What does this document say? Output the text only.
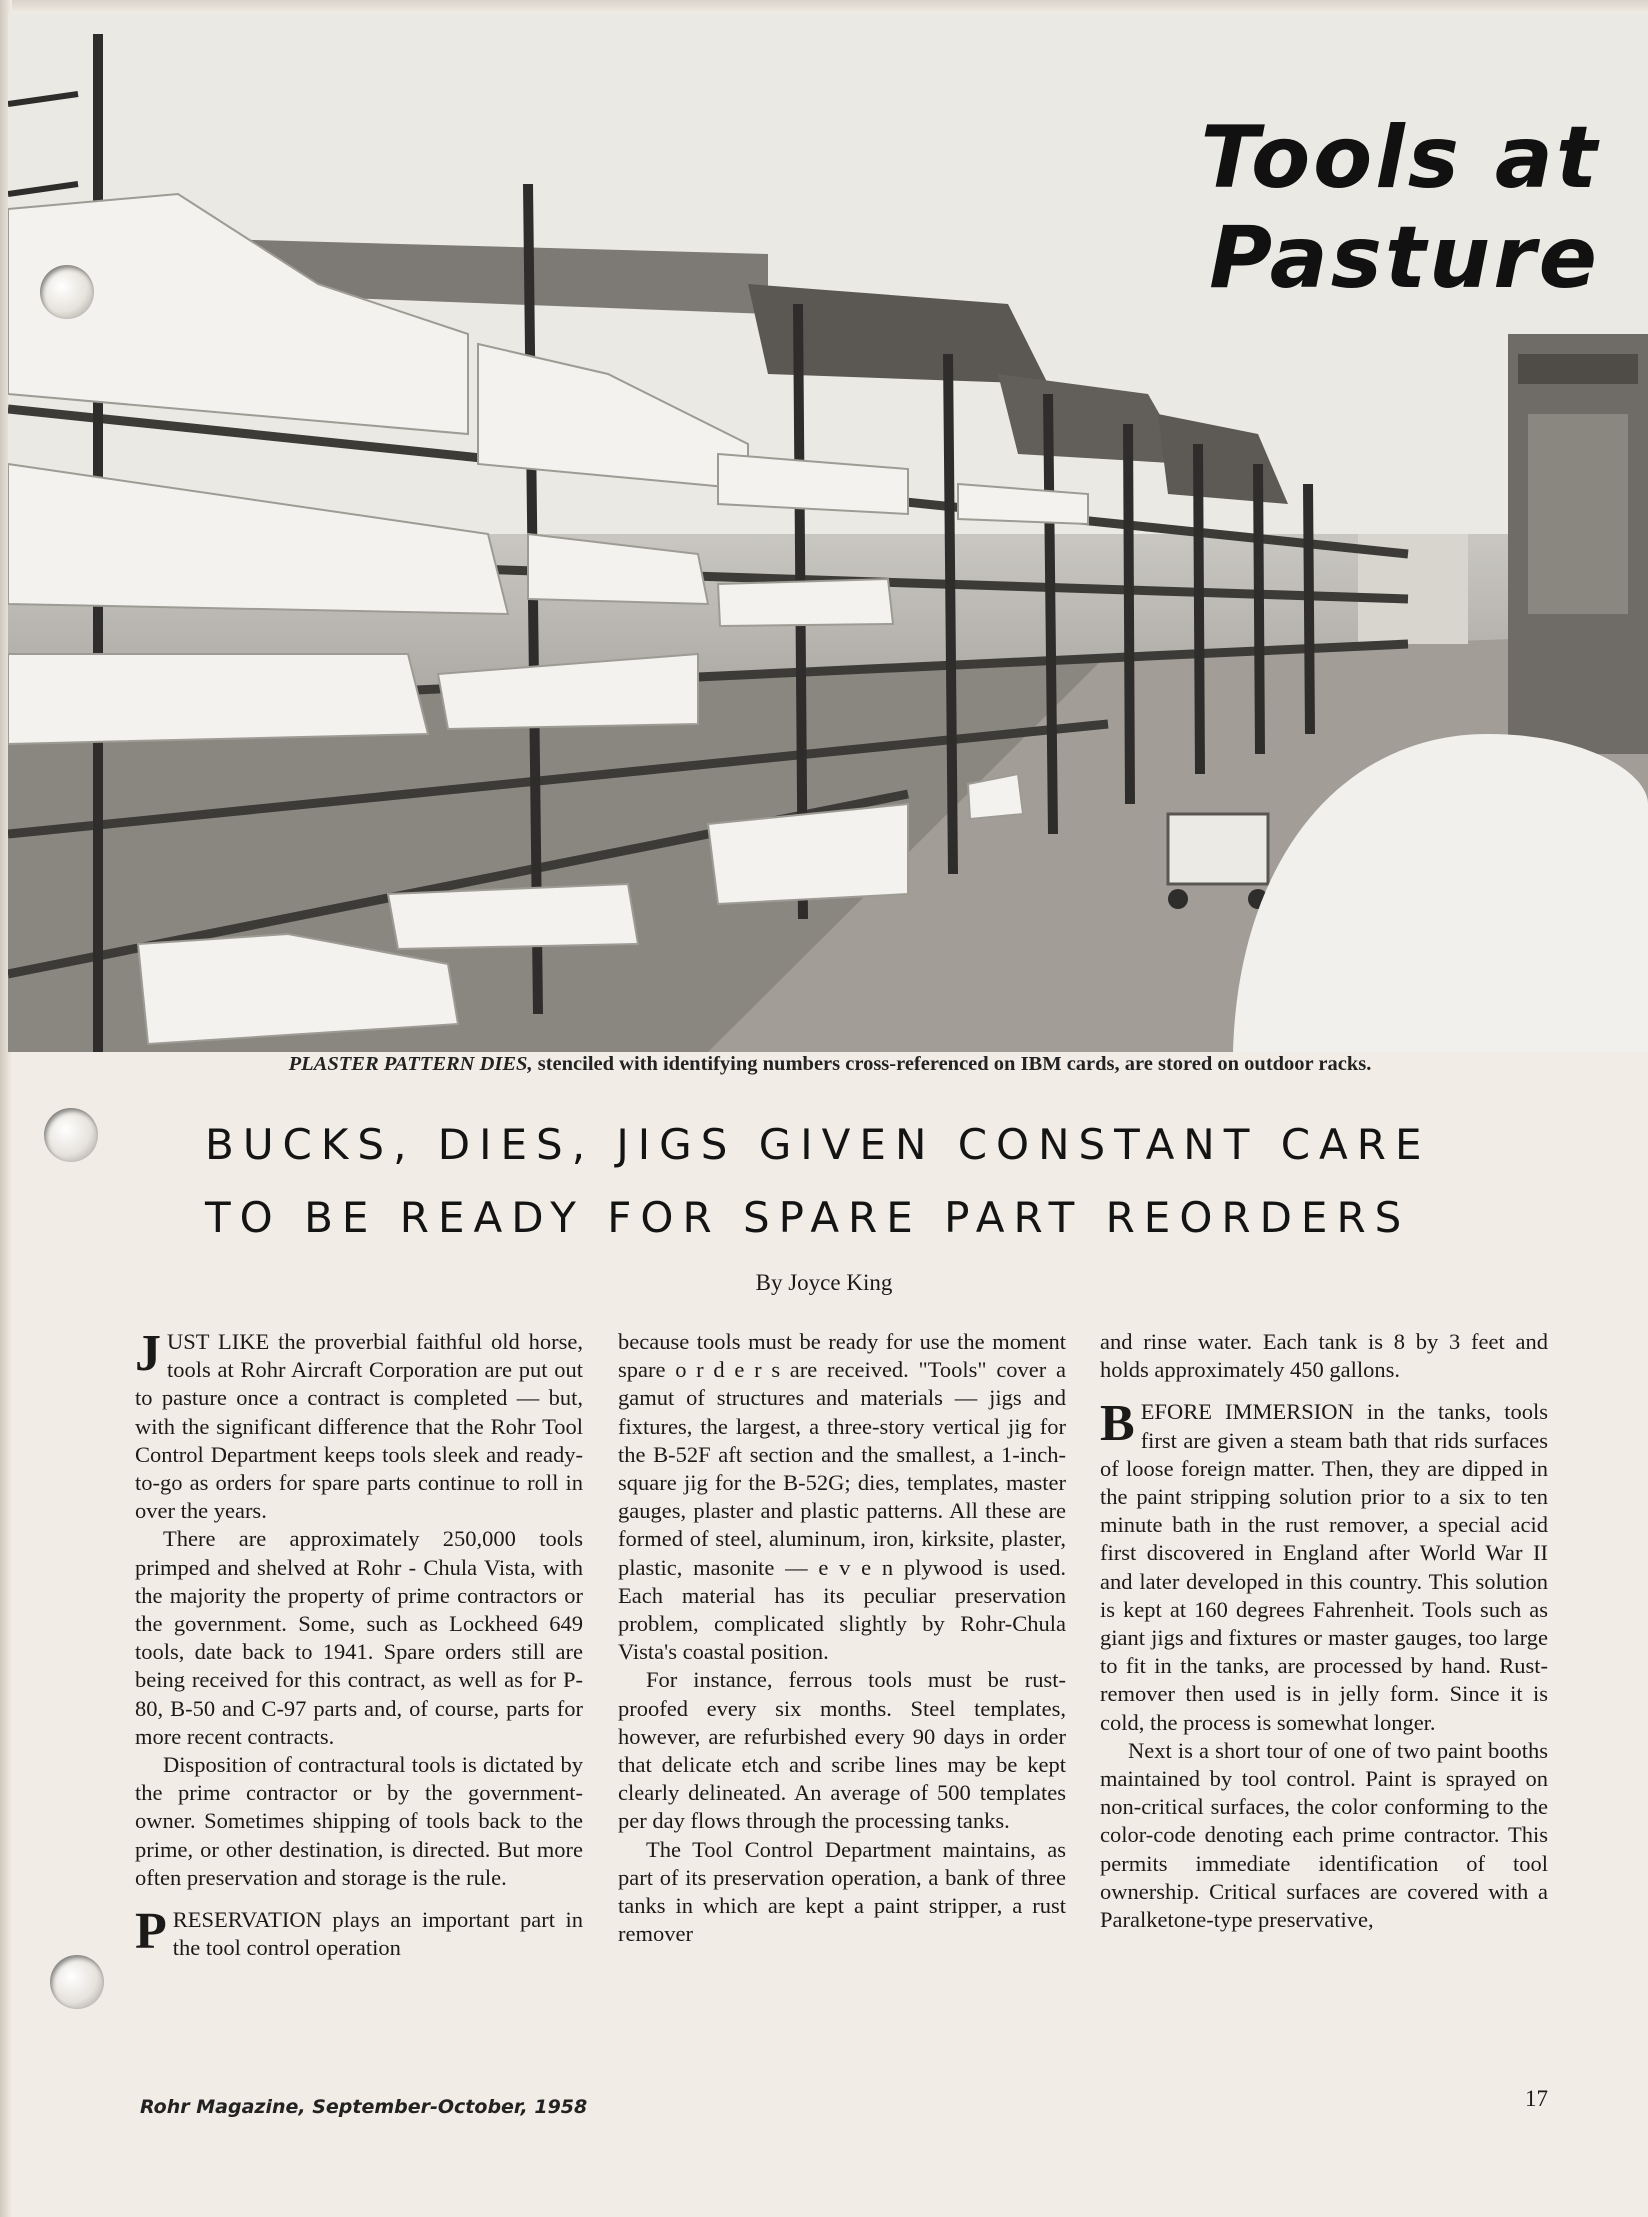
Tools at Pasture
PLASTER PATTERN DIES, stenciled with identifying numbers cross-referenced on IBM cards, are stored on outdoor racks.
BUCKS, DIES, JIGS GIVEN CONSTANT CARE
TO BE READY FOR SPARE PART REORDERS
By Joyce King

JUST LIKE the proverbial faithful old horse, tools at Rohr Aircraft Corporation are put out to pasture once a contract is completed — but, with the significant difference that the Rohr Tool Control Department keeps tools sleek and ready-to-go as orders for spare parts continue to roll in over the years.

There are approximately 250,000 tools primped and shelved at Rohr - Chula Vista, with the majority the property of prime contractors or the government. Some, such as Lockheed 649 tools, date back to 1941. Spare orders still are being received for this contract, as well as for P-80, B-50 and C-97 parts and, of course, parts for more recent contracts.

Disposition of contractural tools is dictated by the prime contractor or by the government-owner. Sometimes shipping of tools back to the prime, or other destination, is directed. But more often preservation and storage is the rule.

PRESERVATION plays an important part in the tool control operation

because tools must be ready for use the moment spare o r d e r s are received. "Tools" cover a gamut of structures and materials — jigs and fixtures, the largest, a three-story vertical jig for the B-52F aft section and the smallest, a 1-inch-square jig for the B-52G; dies, templates, master gauges, plaster and plastic patterns. All these are formed of steel, aluminum, iron, kirksite, plaster, plastic, masonite — e v e n plywood is used. Each material has its peculiar preservation problem, complicated slightly by Rohr-Chula Vista's coastal position.

For instance, ferrous tools must be rust-proofed every six months. Steel templates, however, are refurbished every 90 days in order that delicate etch and scribe lines may be kept clearly delineated. An average of 500 templates per day flows through the processing tanks.

The Tool Control Department maintains, as part of its preservation operation, a bank of three tanks in which are kept a paint stripper, a rust remover

and rinse water. Each tank is 8 by 3 feet and holds approximately 450 gallons.

BEFORE IMMERSION in the tanks, tools first are given a steam bath that rids surfaces of loose foreign matter. Then, they are dipped in the paint stripping solution prior to a six to ten minute bath in the rust remover, a special acid first discovered in England after World War II and later developed in this country. This solution is kept at 160 degrees Fahrenheit. Tools such as giant jigs and fixtures or master gauges, too large to fit in the tanks, are processed by hand. Rust-remover then used is in jelly form. Since it is cold, the process is somewhat longer.

Next is a short tour of one of two paint booths maintained by tool control. Paint is sprayed on non-critical surfaces, the color conforming to the color-code denoting each prime contractor. This permits immediate identification of tool ownership. Critical surfaces are covered with a Paralketone-type preservative,

Rohr Magazine, September-October, 1958	17
